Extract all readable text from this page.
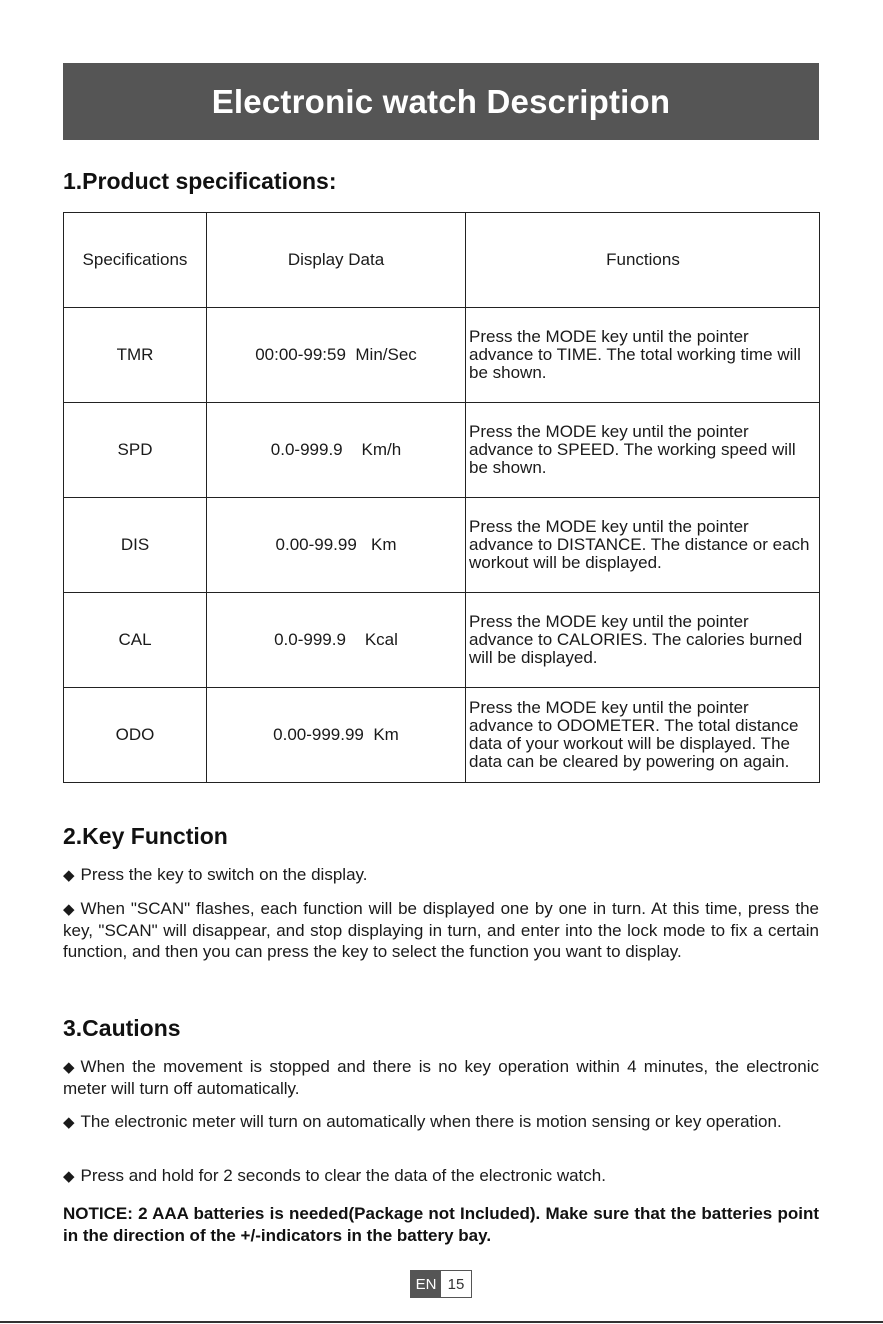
Electronic watch Description
1.Product specifications:
Specifications	Display Data	Functions
TMR	00:00-99:59  Min/Sec	Press the MODE key until the pointer advance to TIME. The total working time will be shown.
SPD	0.0-999.9    Km/h	Press the MODE key until the pointer advance to SPEED. The working speed will be shown.
DIS	0.00-99.99   Km	Press the MODE key until the pointer advance to DISTANCE. The distance or each workout will be displayed.
CAL	0.0-999.9    Kcal	Press the MODE key until the pointer advance to CALORIES. The calories burned will be displayed.
ODO	0.00-999.99  Km	Press the MODE key until the pointer advance to ODOMETER. The total distance data of your workout will be displayed. The data can be cleared by powering on again.
2.Key Function
◆ Press the key to switch on the display.
◆ When "SCAN" flashes, each function will be displayed one by one in turn. At this time, press the key, "SCAN" will disappear, and stop displaying in turn, and enter into the lock mode to fix a certain function, and then you can press the key to select the function you want to display.
3.Cautions
◆ When the movement is stopped and there is no key operation within 4 minutes, the electronic meter will turn off automatically.
◆ The electronic meter will turn on automatically when there is motion sensing or key operation.
◆ Press and hold for 2 seconds to clear the data of the electronic watch.
NOTICE: 2 AAA batteries is needed(Package not Included). Make sure that the batteries point in the direction of the +/-indicators in the battery bay.
EN 15
